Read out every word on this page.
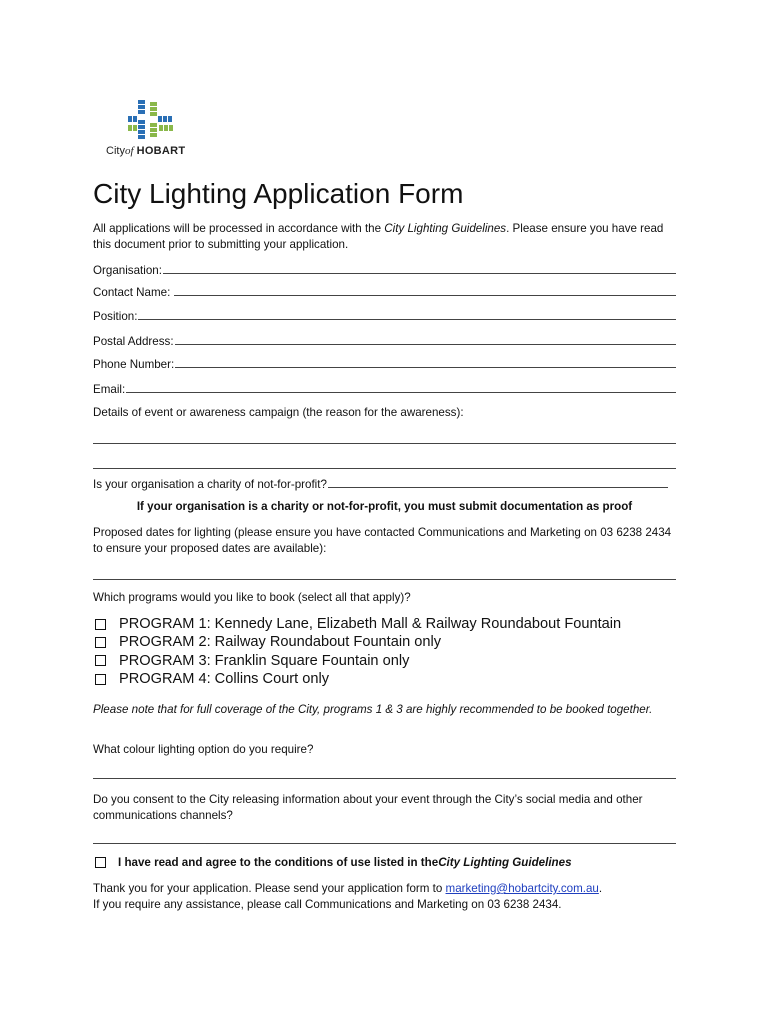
Cityof HOBART
City Lighting Application Form

All applications will be processed in accordance with the City Lighting Guidelines. Please ensure you have read this document prior to submitting your application.

Organisation:
Contact Name:
Position:
Postal Address:
Phone Number:
Email:

Details of event or awareness campaign (the reason for the awareness):

Is your organisation a charity of not-for-profit?
If your organisation is a charity or not-for-profit, you must submit documentation as proof

Proposed dates for lighting (please ensure you have contacted Communications and Marketing on 03 6238 2434 to ensure your proposed dates are available):

Which programs would you like to book (select all that apply)?

PROGRAM 1: Kennedy Lane, Elizabeth Mall & Railway Roundabout Fountain
PROGRAM 2: Railway Roundabout Fountain only
PROGRAM 3: Franklin Square Fountain only
PROGRAM 4: Collins Court only

Please note that for full coverage of the City, programs 1 & 3 are highly recommended to be booked together.

What colour lighting option do you require?

Do you consent to the City releasing information about your event through the City’s social media and other communications channels?

I have read and agree to the conditions of use listed in the City Lighting Guidelines

Thank you for your application. Please send your application form to marketing@hobartcity.com.au.
If you require any assistance, please call Communications and Marketing on 03 6238 2434.
